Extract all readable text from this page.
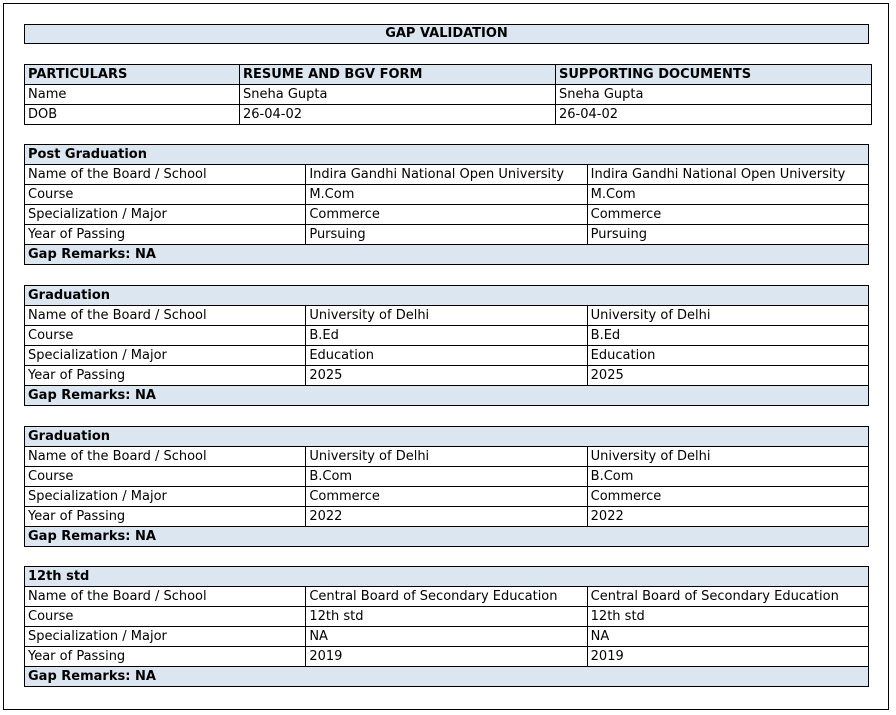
GAP VALIDATION
PARTICULARS	RESUME AND BGV FORM	SUPPORTING DOCUMENTS
Name	Sneha Gupta	Sneha Gupta
DOB	26-04-02	26-04-02
Post Graduation		
Name of the Board / School	Indira Gandhi National Open University	Indira Gandhi National Open University
Course	M.Com	M.Com
Specialization / Major	Commerce	Commerce
Year of Passing	Pursuing	Pursuing
Gap Remarks: NA		
Graduation		
Name of the Board / School	University of Delhi	University of Delhi
Course	B.Ed	B.Ed
Specialization / Major	Education	Education
Year of Passing	2025	2025
Gap Remarks: NA		
Graduation		
Name of the Board / School	University of Delhi	University of Delhi
Course	B.Com	B.Com
Specialization / Major	Commerce	Commerce
Year of Passing	2022	2022
Gap Remarks: NA		
12th std		
Name of the Board / School	Central Board of Secondary Education	Central Board of Secondary Education
Course	12th std	12th std
Specialization / Major	NA	NA
Year of Passing	2019	2019
Gap Remarks: NA		
